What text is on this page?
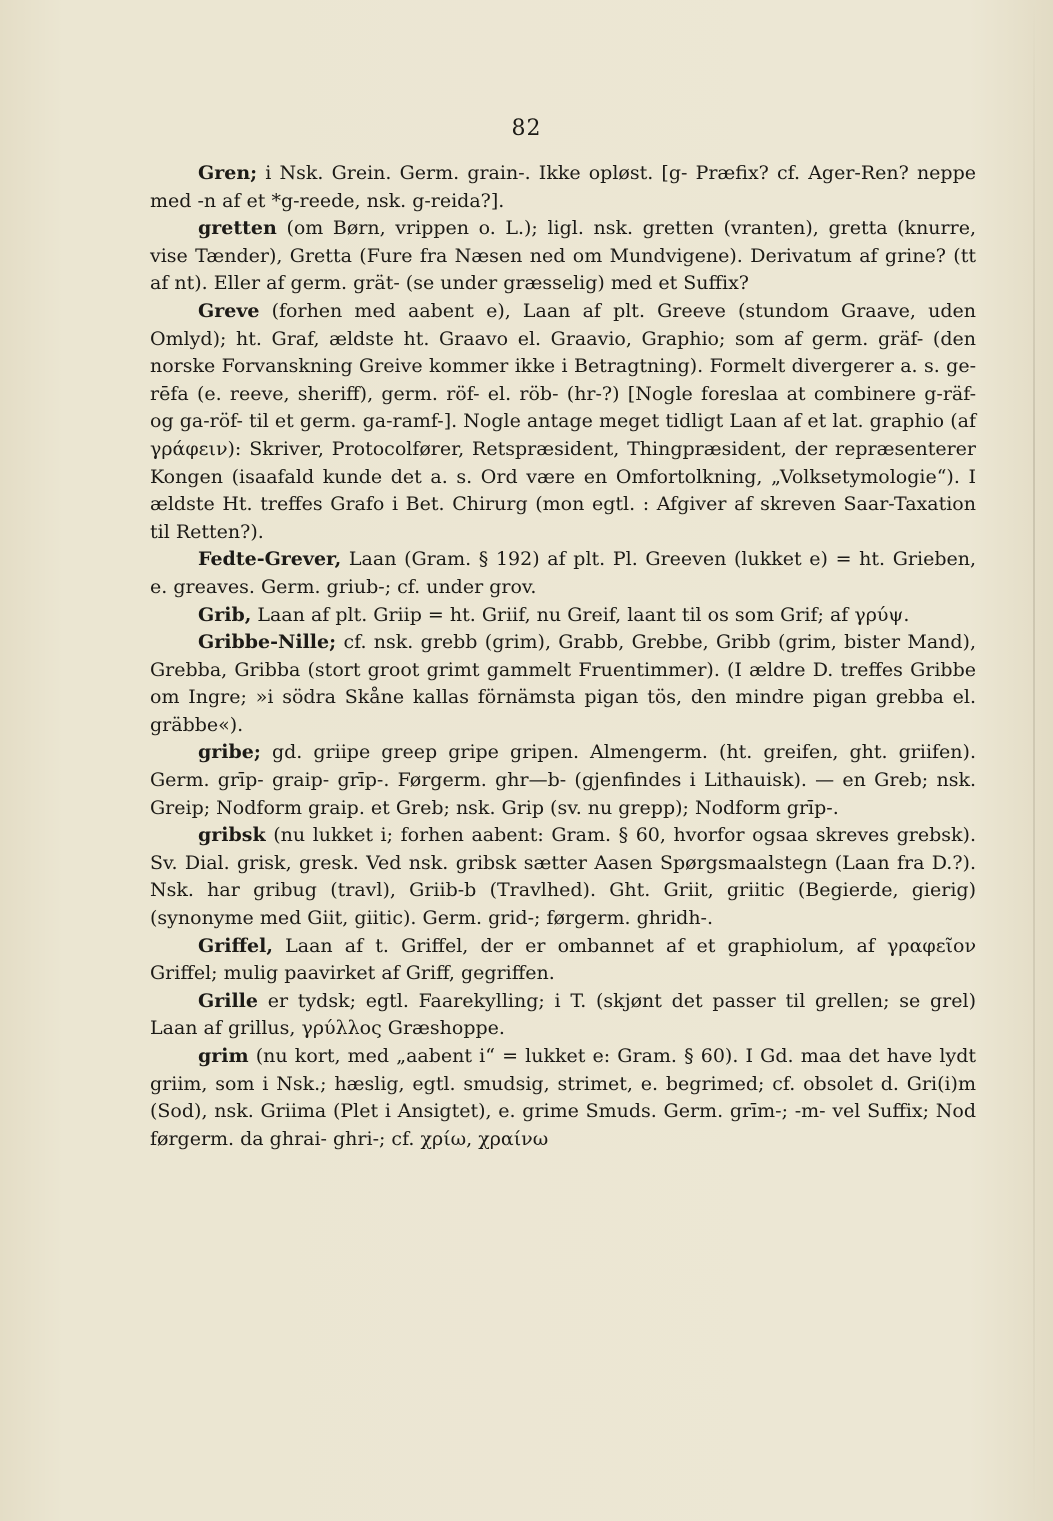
82

Gren; i Nsk. Grein. Germ. grain-. Ikke opløst. [g- Præfix? cf. Ager-Ren? neppe med -n af et *g-reede, nsk. g-reida?].

gretten (om Børn, vrippen o. L.); ligl. nsk. gretten (vranten), gretta (knurre, vise Tænder), Gretta (Fure fra Næsen ned om Mundvigene). Derivatum af grine? (tt af nt). Eller af germ. grät- (se under græsselig) med et Suffix?

Greve (forhen med aabent e), Laan af plt. Greeve (stundom Graave, uden Omlyd); ht. Graf, ældste ht. Graavo el. Graavio, Graphio; som af germ. gräf- (den norske Forvanskning Greive kommer ikke i Betragtning). Formelt divergerer a. s. ge-rēfa (e. reeve, sheriff), germ. röf- el. röb- (hr-?) [Nogle foreslaa at combinere g-räf- og ga-röf- til et germ. ga-ramf-]. Nogle antage meget tidligt Laan af et lat. graphio (af γράφειν): Skriver, Protocolfører, Retspræsident, Thingpræsident, der repræsenterer Kongen (isaafald kunde det a. s. Ord være en Omfortolkning, „Volksetymologie“). I ældste Ht. treffes Grafo i Bet. Chirurg (mon egtl. : Afgiver af skreven Saar-Taxation til Retten?).

Fedte-Grever, Laan (Gram. § 192) af plt. Pl. Greeven (lukket e) = ht. Grieben, e. greaves. Germ. griub-; cf. under grov.

Grib, Laan af plt. Griip = ht. Griif, nu Greif, laant til os som Grif; af γρύψ.

Gribbe-Nille; cf. nsk. grebb (grim), Grabb, Grebbe, Gribb (grim, bister Mand), Grebba, Gribba (stort groot grimt gammelt Fruentimmer). (I ældre D. treffes Gribbe om Ingre; »i södra Skåne kallas förnämsta pigan tös, den mindre pigan grebba el. gräbbe«).

gribe; gd. griipe greep gripe gripen. Almengerm. (ht. greifen, ght. griifen). Germ. grīp- graip- grīp-. Førgerm. ghr—b- (gjenfindes i Lithauisk). — en Greb; nsk. Greip; Nodform graip. et Greb; nsk. Grip (sv. nu grepp); Nodform grīp-.

gribsk (nu lukket i; forhen aabent: Gram. § 60, hvorfor ogsaa skreves grebsk). Sv. Dial. grisk, gresk. Ved nsk. gribsk sætter Aasen Spørgsmaalstegn (Laan fra D.?). Nsk. har gribug (travl), Griib-b (Travlhed). Ght. Griit, griitic (Begierde, gierig) (synonyme med Giit, giitic). Germ. grid-; førgerm. ghridh-.

Griffel, Laan af t. Griffel, der er ombannet af et graphiolum, af γραφεῖον Griffel; mulig paavirket af Griff, gegriffen.

Grille er tydsk; egtl. Faarekylling; i T. (skjønt det passer til grellen; se grel) Laan af grillus, γρύλλος Græshoppe.

grim (nu kort, med „aabent i“ = lukket e: Gram. § 60). I Gd. maa det have lydt griim, som i Nsk.; hæslig, egtl. smudsig, strimet, e. begrimed; cf. obsolet d. Gri(i)m (Sod), nsk. Griima (Plet i Ansigtet), e. grime Smuds. Germ. grīm-; -m- vel Suffix; Nod førgerm. da ghrai- ghri-; cf. χρίω, χραίνω
